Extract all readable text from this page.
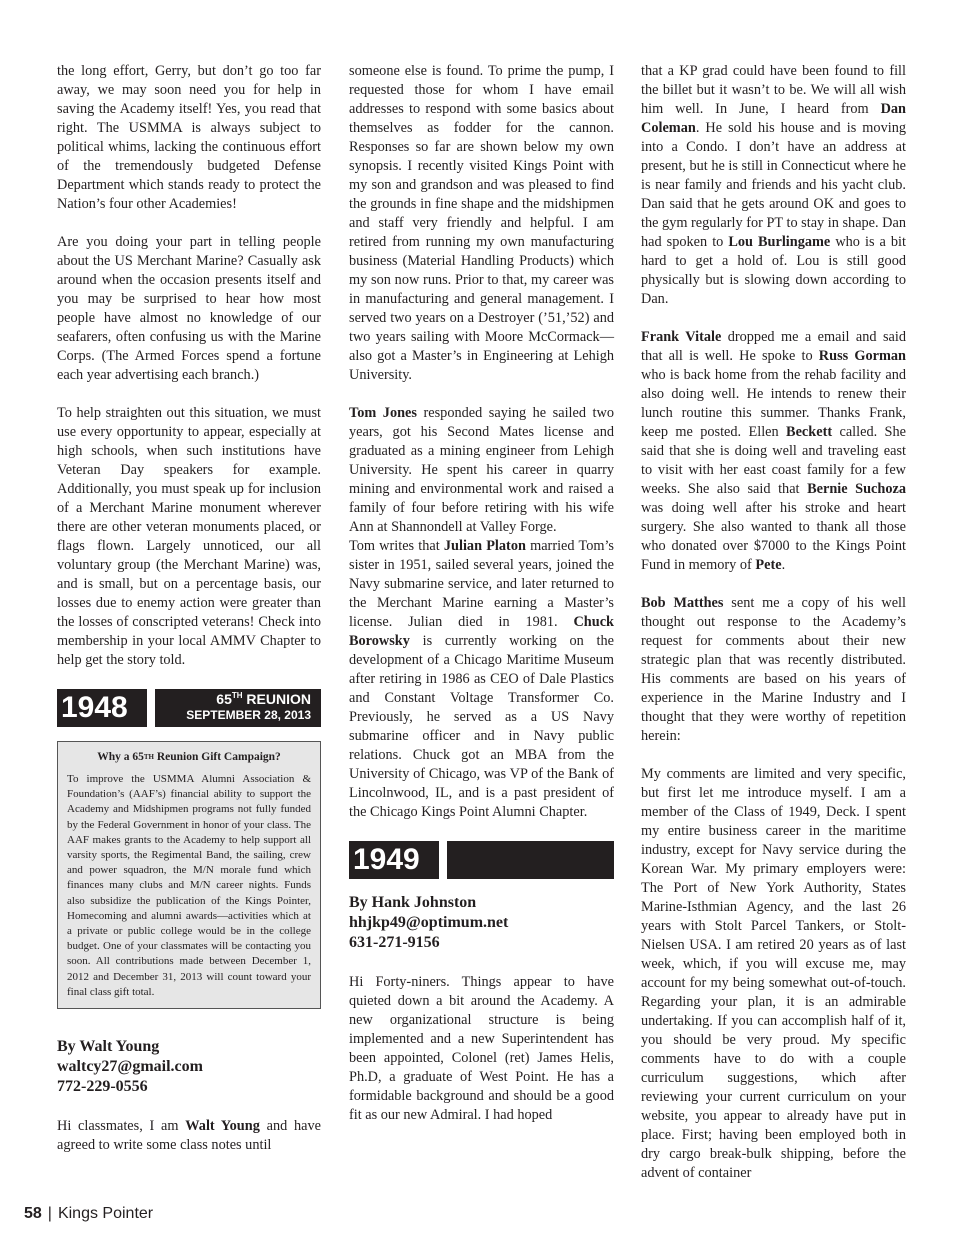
the long effort, Gerry, but don’t go too far away, we may soon need you for help in saving the Academy itself! Yes, you read that right. The USMMA is always subject to political whims, lacking the continuous effort of the tremendously budgeted Defense Department which stands ready to protect the Nation’s four other Academies!

Are you doing your part in telling people about the US Merchant Marine? Casually ask around when the occasion presents itself and you may be surprised to hear how most people have almost no knowledge of our seafarers, often confusing us with the Marine Corps. (The Armed Forces spend a fortune each year advertising each branch.)

To help straighten out this situation, we must use every opportunity to appear, especially at high schools, when such institutions have Veteran Day speakers for example. Additionally, you must speak up for inclusion of a Merchant Marine monument wherever there are other veteran monuments placed, or flags flown. Largely unnoticed, our all voluntary group (the Merchant Marine) was, and is small, but on a percentage basis, our losses due to enemy action were greater than the losses of conscripted veterans! Check into membership in your local AMMV Chapter to help get the story told.

1948	65TH REUNION
SEPTEMBER 28, 2013
Why a 65TH Reunion Gift Campaign?
To improve the USMMA Alumni Association & Foundation’s (AAF’s) financial ability to support the Academy and Midshipmen programs not fully funded by the Federal Government in honor of your class. The AAF makes grants to the Academy to help support all varsity sports, the Regimental Band, the sailing, crew and power squadron, the M/N morale fund which finances many clubs and M/N career nights. Funds also subsidize the publication of the Kings Pointer, Homecoming and alumni awards—activities which at a private or public college would be in the college budget. One of your classmates will be contacting you soon. All contributions made between December 1, 2012 and December 31, 2013 will count toward your final class gift total.
By Walt Young
waltcy27@gmail.com
772-229-0556

Hi classmates, I am Walt Young and have agreed to write some class notes until

someone else is found. To prime the pump, I requested those for whom I have email addresses to respond with some basics about themselves as fodder for the cannon. Responses so far are shown below my own synopsis. I recently visited Kings Point with my son and grandson and was pleased to find the grounds in fine shape and the midshipmen and staff very friendly and helpful. I am retired from running my own manufacturing business (Material Handling Products) which my son now runs. Prior to that, my career was in manufacturing and general management. I served two years on a Destroyer (’51,’52) and two years sailing with Moore McCormack—also got a Master’s in Engineering at Lehigh University.

Tom Jones responded saying he sailed two years, got his Second Mates license and graduated as a mining engineer from Lehigh University. He spent his career in quarry mining and environmental work and raised a family of four before retiring with his wife Ann at Shannondell at Valley Forge.

Tom writes that Julian Platon married Tom’s sister in 1951, sailed several years, joined the Navy submarine service, and later returned to the Merchant Marine earning a Master’s license. Julian died in 1981. Chuck Borowsky is currently working on the development of a Chicago Maritime Museum after retiring in 1986 as CEO of Dale Plastics and Constant Voltage Transformer Co. Previously, he served as a US Navy submarine officer and in Navy public relations. Chuck got an MBA from the University of Chicago, was VP of the Bank of Lincolnwood, IL, and is a past president of the Chicago Kings Point Alumni Chapter.

1949
By Hank Johnston
hhjkp49@optimum.net
631-271-9156

Hi Forty-niners. Things appear to have quieted down a bit around the Academy. A new organizational structure is being implemented and a new Superintendent has been appointed, Colonel (ret) James Helis, Ph.D, a graduate of West Point. He has a formidable background and should be a good fit as our new Admiral. I had hoped

that a KP grad could have been found to fill the billet but it wasn’t to be. We will all wish him well. In June, I heard from Dan Coleman. He sold his house and is moving into a Condo. I don’t have an address at present, but he is still in Connecticut where he is near family and friends and his yacht club. Dan said that he gets around OK and goes to the gym regularly for PT to stay in shape. Dan had spoken to Lou Burlingame who is a bit hard to get a hold of. Lou is still good physically but is slowing down according to Dan.

Frank Vitale dropped me a email and said that all is well. He spoke to Russ Gorman who is back home from the rehab facility and also doing well. He intends to renew their lunch routine this summer. Thanks Frank, keep me posted. Ellen Beckett called. She said that she is doing well and traveling east to visit with her east coast family for a few weeks. She also said that Bernie Suchoza was doing well after his stroke and heart surgery. She also wanted to thank all those who donated over $7000 to the Kings Point Fund in memory of Pete.

Bob Matthes sent me a copy of his well thought out response to the Academy’s request for comments about their new strategic plan that was recently distributed. His comments are based on his years of experience in the Marine Industry and I thought that they were worthy of repetition herein:

My comments are limited and very specific, but first let me introduce myself. I am a member of the Class of 1949, Deck. I spent my entire business career in the maritime industry, except for Navy service during the Korean War. My primary employers were: The Port of New York Authority, States Marine-Isthmian Agency, and the last 26 years with Stolt Parcel Tankers, or Stolt-Nielsen USA. I am retired 20 years as of last week, which, if you will excuse me, may account for my being somewhat out-of-touch. Regarding your plan, it is an admirable undertaking. If you can accomplish half of it, you should be very proud. My specific comments have to do with a couple curriculum suggestions, which after reviewing your current curriculum on your website, you appear to already have put in place. First; having been employed both in dry cargo break-bulk shipping, before the advent of container

58 | Kings Pointer
